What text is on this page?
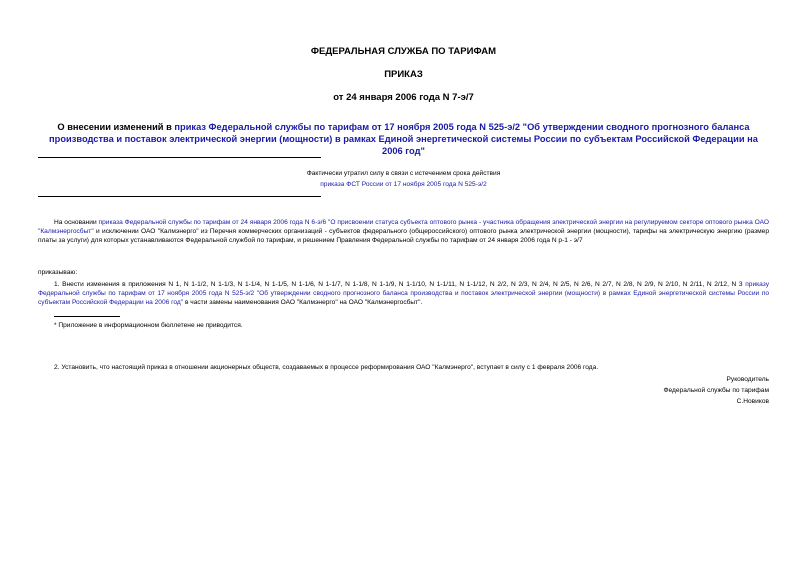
ФЕДЕРАЛЬНАЯ СЛУЖБА ПО ТАРИФАМ
ПРИКАЗ
от 24 января 2006 года N 7-э/7
О внесении изменений в приказ Федеральной службы по тарифам от 17 ноября 2005 года N 525-э/2 "Об утверждении сводного прогнозного баланса производства и поставок электрической энергии (мощности) в рамках Единой энергетической системы России по субъектам Российской Федерации на 2006 год"
Фактически утратил силу в связи с истечением срока действия
приказа ФСТ России от 17 ноября 2005 года N 525-э/2
На основании приказа Федеральной службы по тарифам от 24 января 2006 года N 6-э/6 "О присвоении статуса субъекта оптового рынка - участника обращения электрической энергии на регулируемом секторе оптового рынка ОАО "Калмэнергосбыт" и исключении ОАО "Калмэнерго" из Перечня коммерческих организаций - субъектов федерального (общероссийского) оптового рынка электрической энергии (мощности), тарифы на электрическую энергию (размер платы за услуги) для которых устанавливаются Федеральной службой по тарифам, и решением Правления Федеральной службы по тарифам от 24 января 2006 года N р-1 - э/7
приказываю:
1. Внести изменения в приложения N 1, N 1-1/2, N 1-1/3, N 1-1/4, N 1-1/5, N 1-1/6, N 1-1/7, N 1-1/8, N 1-1/9, N 1-1/10, N 1-1/11, N 1-1/12, N 2/2, N 2/3, N 2/4, N 2/5, N 2/6, N 2/7, N 2/8, N 2/9, N 2/10, N 2/11, N 2/12, N 3 приказу Федеральной службы по тарифам от 17 ноября 2005 года N 525-э/2 "Об утверждении сводного прогнозного баланса производства и поставок электрической энергии (мощности) в рамках Единой энергетической системы России по субъектам Российской Федерации на 2006 год" в части замены наименования ОАО "Калмэнерго" на ОАО "Калмэнергосбыт".
* Приложение в информационном бюллетене не приводится.
2. Установить, что настоящий приказ в отношении акционерных обществ, создаваемых в процессе реформирования ОАО "Калмэнерго", вступает в силу с 1 февраля 2006 года.
Руководитель
Федеральной службы по тарифам
С.Новиков
